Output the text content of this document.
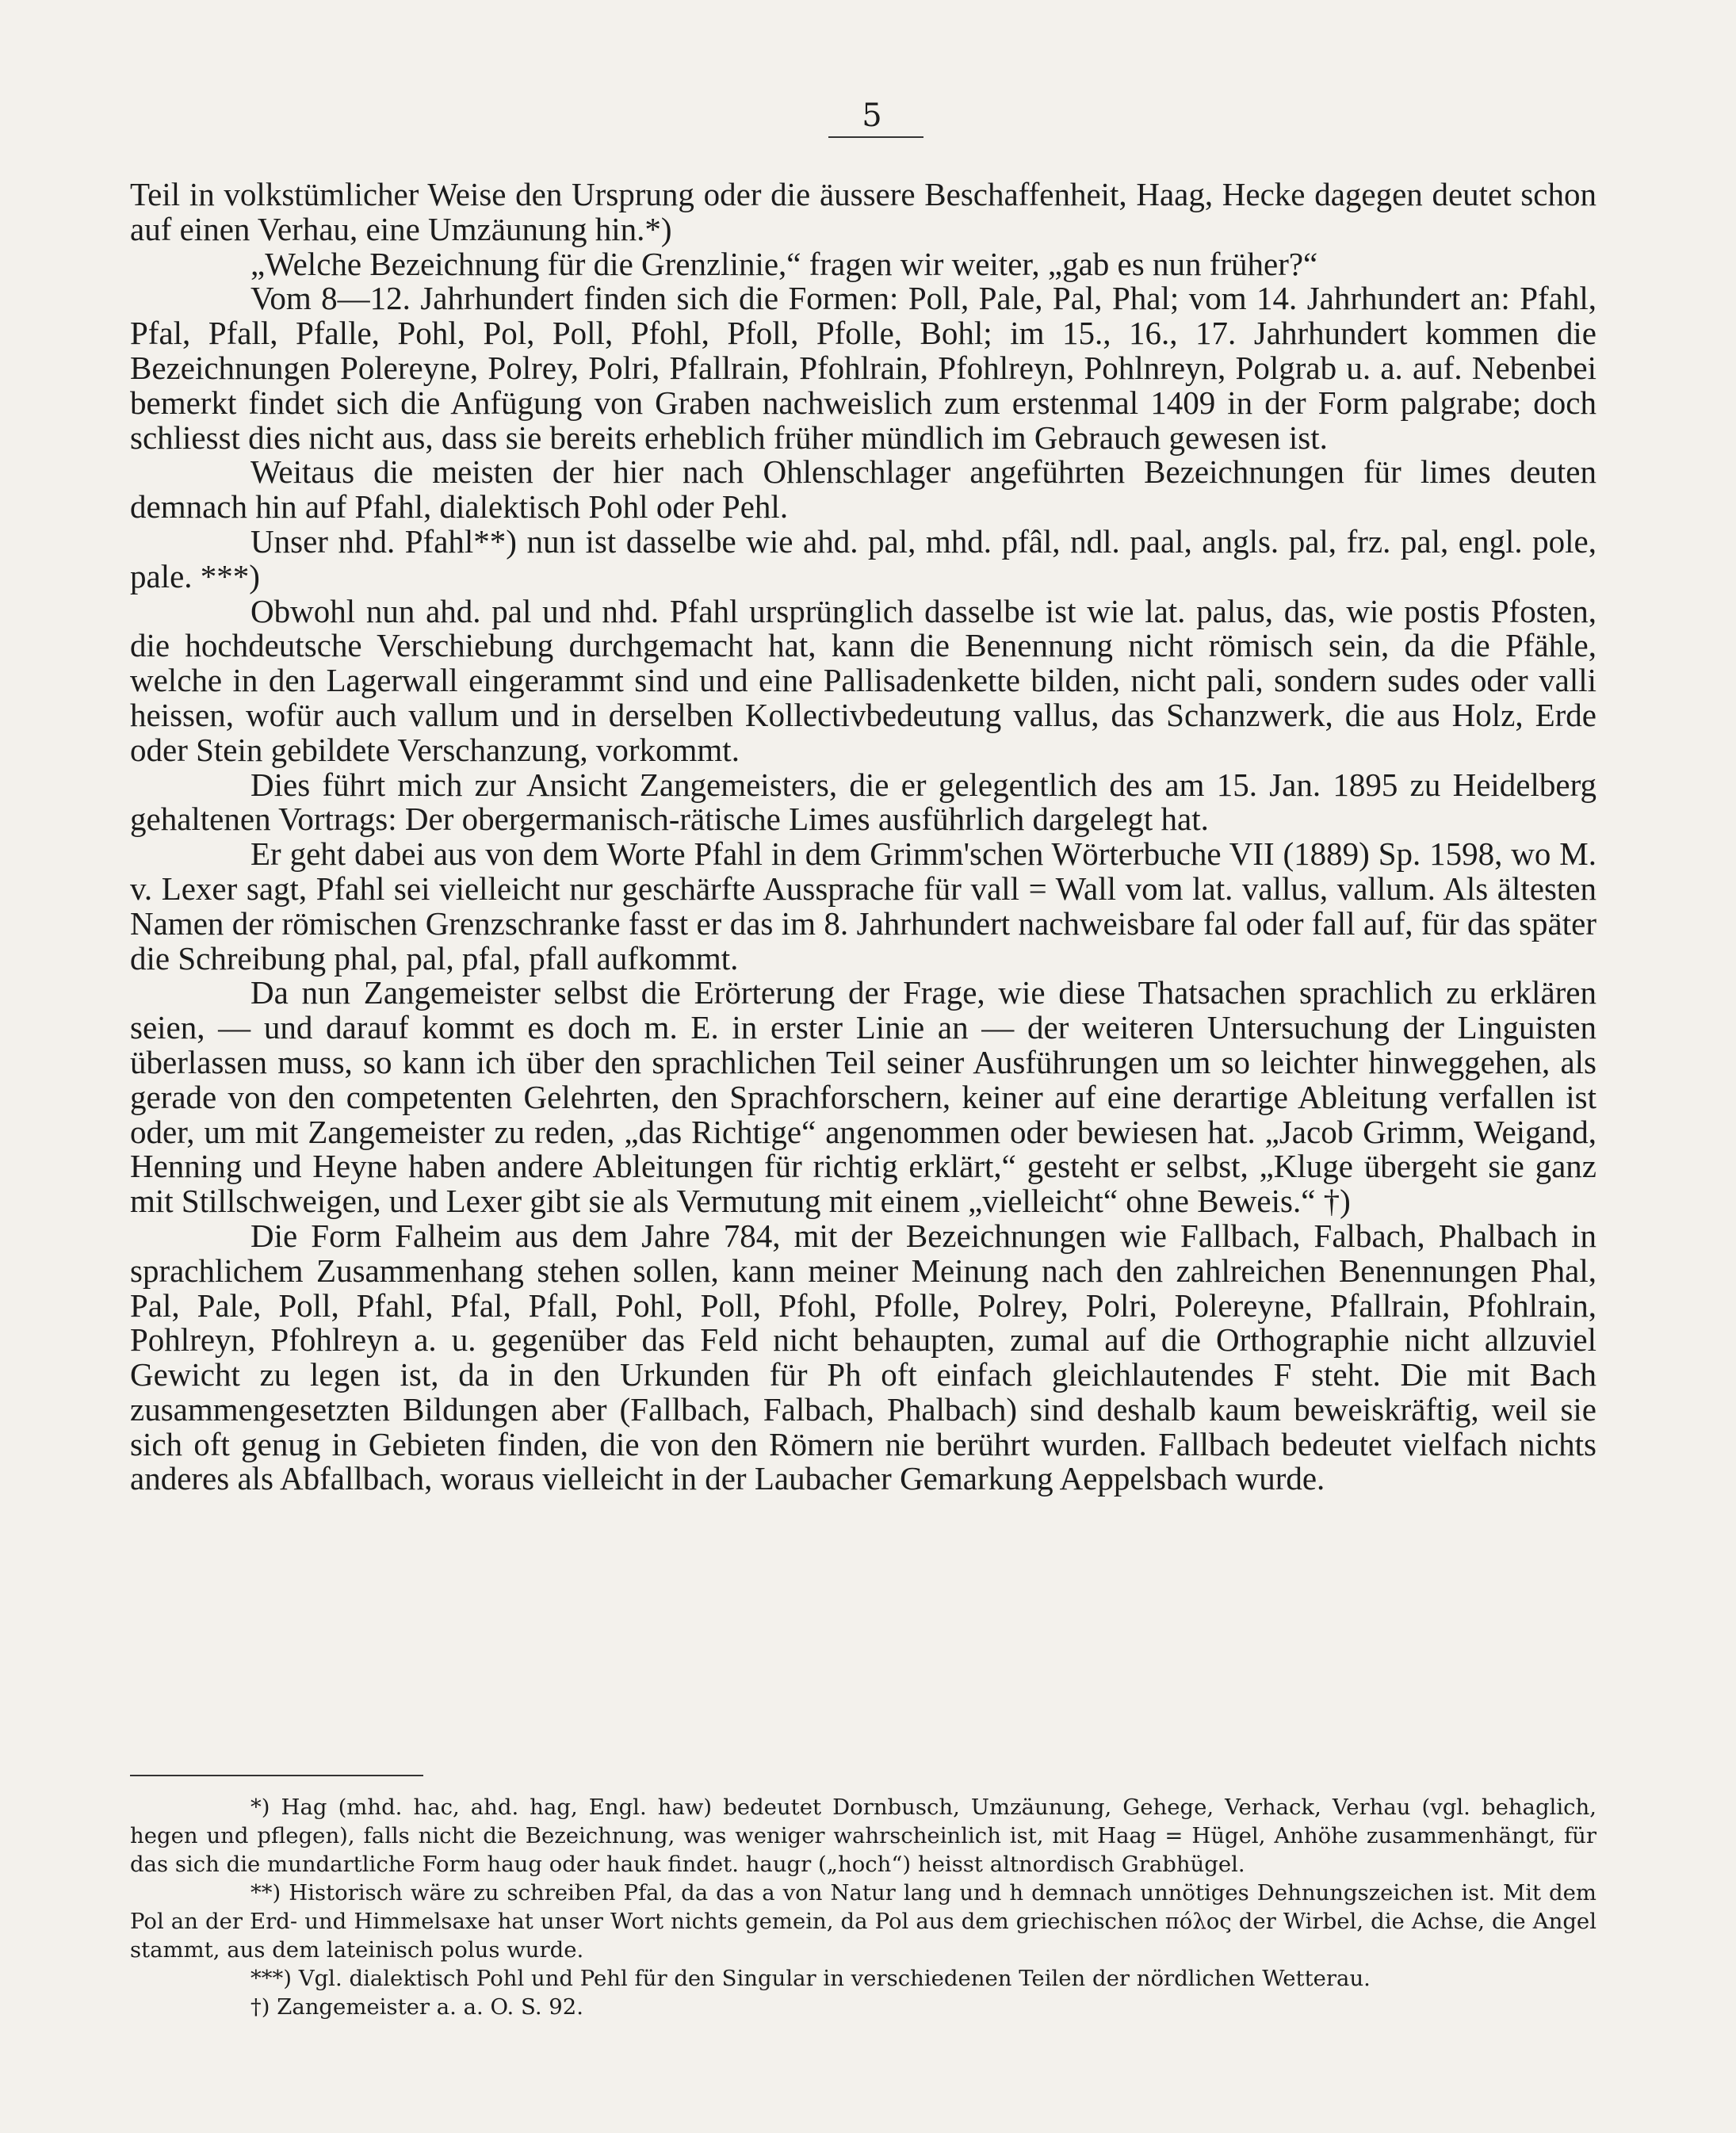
5

Teil in volkstümlicher Weise den Ursprung oder die äussere Beschaffenheit, Haag, Hecke dagegen deutet schon auf einen Verhau, eine Umzäunung hin.*)

„Welche Bezeichnung für die Grenzlinie,“ fragen wir weiter, „gab es nun früher?“

Vom 8—12. Jahrhundert finden sich die Formen: Poll, Pale, Pal, Phal; vom 14. Jahrhundert an: Pfahl, Pfal, Pfall, Pfalle, Pohl, Pol, Poll, Pfohl, Pfoll, Pfolle, Bohl; im 15., 16., 17. Jahrhundert kommen die Bezeichnungen Polereyne, Polrey, Polri, Pfallrain, Pfohlrain, Pfohlreyn, Pohlnreyn, Polgrab u. a. auf. Nebenbei bemerkt findet sich die Anfügung von Graben nachweislich zum erstenmal 1409 in der Form palgrabe; doch schliesst dies nicht aus, dass sie bereits erheblich früher mündlich im Gebrauch gewesen ist.

Weitaus die meisten der hier nach Ohlenschlager angeführten Bezeichnungen für limes deuten demnach hin auf Pfahl, dialektisch Pohl oder Pehl.

Unser nhd. Pfahl**) nun ist dasselbe wie ahd. pal, mhd. pfâl, ndl. paal, angls. pal, frz. pal, engl. pole, pale. ***)

Obwohl nun ahd. pal und nhd. Pfahl ursprünglich dasselbe ist wie lat. palus, das, wie postis Pfosten, die hochdeutsche Verschiebung durchgemacht hat, kann die Benennung nicht römisch sein, da die Pfähle, welche in den Lagerwall eingerammt sind und eine Pallisadenkette bilden, nicht pali, sondern sudes oder valli heissen, wofür auch vallum und in derselben Kollectivbedeutung vallus, das Schanzwerk, die aus Holz, Erde oder Stein gebildete Verschanzung, vorkommt.

Dies führt mich zur Ansicht Zangemeisters, die er gelegentlich des am 15. Jan. 1895 zu Heidelberg gehaltenen Vortrags: Der obergermanisch-rätische Limes ausführlich dargelegt hat.

Er geht dabei aus von dem Worte Pfahl in dem Grimm'schen Wörterbuche VII (1889) Sp. 1598, wo M. v. Lexer sagt, Pfahl sei vielleicht nur geschärfte Aussprache für vall = Wall vom lat. vallus, vallum. Als ältesten Namen der römischen Grenzschranke fasst er das im 8. Jahrhundert nachweisbare fal oder fall auf, für das später die Schreibung phal, pal, pfal, pfall aufkommt.

Da nun Zangemeister selbst die Erörterung der Frage, wie diese Thatsachen sprachlich zu erklären seien, — und darauf kommt es doch m. E. in erster Linie an — der weiteren Untersuchung der Linguisten überlassen muss, so kann ich über den sprachlichen Teil seiner Ausführungen um so leichter hinweggehen, als gerade von den competenten Gelehrten, den Sprachforschern, keiner auf eine derartige Ableitung verfallen ist oder, um mit Zangemeister zu reden, „das Richtige“ angenommen oder bewiesen hat. „Jacob Grimm, Weigand, Henning und Heyne haben andere Ableitungen für richtig erklärt,“ gesteht er selbst, „Kluge übergeht sie ganz mit Stillschweigen, und Lexer gibt sie als Vermutung mit einem „vielleicht“ ohne Beweis.“ †)

Die Form Falheim aus dem Jahre 784, mit der Bezeichnungen wie Fallbach, Falbach, Phalbach in sprachlichem Zusammenhang stehen sollen, kann meiner Meinung nach den zahlreichen Benennungen Phal, Pal, Pale, Poll, Pfahl, Pfal, Pfall, Pohl, Poll, Pfohl, Pfolle, Polrey, Polri, Polereyne, Pfallrain, Pfohlrain, Pohlreyn, Pfohlreyn a. u. gegenüber das Feld nicht behaupten, zumal auf die Orthographie nicht allzuviel Gewicht zu legen ist, da in den Urkunden für Ph oft einfach gleichlautendes F steht. Die mit Bach zusammengesetzten Bildungen aber (Fallbach, Falbach, Phalbach) sind deshalb kaum beweiskräftig, weil sie sich oft genug in Gebieten finden, die von den Römern nie berührt wurden. Fallbach bedeutet vielfach nichts anderes als Abfallbach, woraus vielleicht in der Laubacher Gemarkung Aeppelsbach wurde.

*) Hag (mhd. hac, ahd. hag, Engl. haw) bedeutet Dornbusch, Umzäunung, Gehege, Verhack, Verhau (vgl. behaglich, hegen und pflegen), falls nicht die Bezeichnung, was weniger wahrscheinlich ist, mit Haag = Hügel, Anhöhe zusammenhängt, für das sich die mundartliche Form haug oder hauk findet. haugr („hoch“) heisst altnordisch Grabhügel.

**) Historisch wäre zu schreiben Pfal, da das a von Natur lang und h demnach unnötiges Dehnungszeichen ist. Mit dem Pol an der Erd- und Himmelsaxe hat unser Wort nichts gemein, da Pol aus dem griechischen πόλος der Wirbel, die Achse, die Angel stammt, aus dem lateinisch polus wurde.

***) Vgl. dialektisch Pohl und Pehl für den Singular in verschiedenen Teilen der nördlichen Wetterau.

†) Zangemeister a. a. O. S. 92.
